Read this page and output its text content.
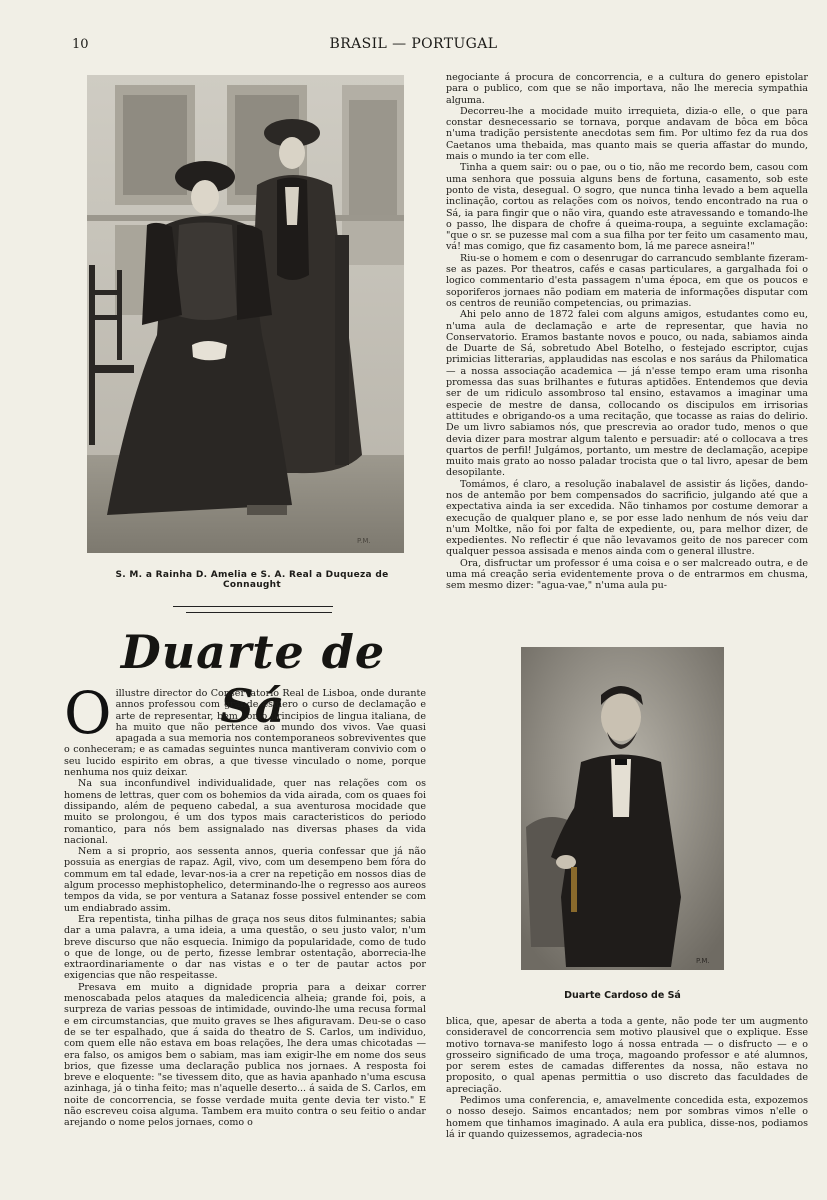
10	BRASIL — PORTUGAL
P.M.
S. M. a Rainha D. Amelia e S. A. Real a Duqueza de Connaught
Duarte de Sá

Oillustre director do Conservatorio Real de Lisboa, onde durante annos professou com grande esmero o curso de declamação e arte de representar, bem como principios de lingua italiana, de ha muito que não pertence ao mundo dos vivos. Vae quasi apagada a sua memoria nos contemporaneos sobreviventes que o conheceram; e as camadas seguintes nunca mantiveram convivio com o seu lucido espirito em obras, a que tivesse vinculado o nome, porque nenhuma nos quiz deixar.

Na sua inconfundivel individualidade, quer nas relações com os homens de lettras, quer com os bohemios da vida airada, com os quaes foi dissipando, além de pequeno cabedal, a sua aventurosa mocidade que muito se prolongou, é um dos typos mais caracteristicos do periodo romantico, para nós bem assignalado nas diversas phases da vida nacional.

Nem a si proprio, aos sessenta annos, queria confessar que já não possuia as energias de rapaz. Agil, vivo, com um desempeno bem fóra do commum em tal edade, levar-nos-ia a crer na repetição em nossos dias de algum processo mephistophelico, determinando-lhe o regresso aos aureos tempos da vida, se por ventura a Satanaz fosse possivel entender se com um endiabrado assim.

Era repentista, tinha pilhas de graça nos seus ditos fulminantes; sabia dar a uma palavra, a uma ideia, a uma questão, o seu justo valor, n'um breve discurso que não esquecia. Inimigo da popularidade, como de tudo o que de longe, ou de perto, fizesse lembrar ostentação, aborrecia-lhe extraordinariamente o dar nas vistas e o ter de pautar actos por exigencias que não respeitasse.

Presava em muito a dignidade propria para a deixar correr menoscabada pelos ataques da maledicencia alheia; grande foi, pois, a surpreza de varias pessoas de intimidade, ouvindo-lhe uma recusa formal e em circumstancias, que muito graves se lhes afiguravam. Deu-se o caso de se ter espalhado, que á saida do theatro de S. Carlos, um individuo, com quem elle não estava em boas relações, lhe dera umas chicotadas — era falso, os amigos bem o sabiam, mas iam exigir-lhe em nome dos seus brios, que fizesse uma declaração publica nos jornaes. A resposta foi breve e eloquente: "se tivessem dito, que as havia apanhado n'uma escusa azinhaga, já o tinha feito; mas n'aquelle deserto... á saida de S. Carlos, em noite de concorrencia, se fosse verdade muita gente devia ter visto." E não escreveu coisa alguma. Tambem era muito contra o seu feitio o andar arejando o nome pelos jornaes, como o

negociante á procura de concorrencia, e a cultura do genero epistolar para o publico, com que se não importava, não lhe merecia sympathia alguma.

Decorreu-lhe a mocidade muito irrequieta, dizia-o elle, o que para constar desnecessario se tornava, porque andavam de bôca em bôca n'uma tradição persistente anecdotas sem fim. Por ultimo fez da rua dos Caetanos uma thebaida, mas quanto mais se queria affastar do mundo, mais o mundo ia ter com elle.

Tinha a quem sair: ou o pae, ou o tio, não me recordo bem, casou com uma senhora que possuia alguns bens de fortuna, casamento, sob este ponto de vista, desegual. O sogro, que nunca tinha levado a bem aquella inclinação, cortou as relações com os noivos, tendo encontrado na rua o Sá, ia para fingir que o não vira, quando este atravessando e tomando-lhe o passo, lhe dispara de chofre á queima-roupa, a seguinte exclamação: "que o sr. se puzesse mal com a sua filha por ter feito um casamento mau, vá! mas comigo, que fiz casamento bom, lá me parece asneira!"

Riu-se o homem e com o desenrugar do carrancudo semblante fizeram-se as pazes. Por theatros, cafés e casas particulares, a gargalhada foi o logico commentario d'esta passagem n'uma época, em que os poucos e soporiferos jornaes não podiam em materia de informações disputar com os centros de reunião competencias, ou primazias.

Ahi pelo anno de 1872 falei com alguns amigos, estudantes como eu, n'uma aula de declamação e arte de representar, que havia no Conservatorio. Eramos bastante novos e pouco, ou nada, sabiamos ainda de Duarte de Sá, sobretudo Abel Botelho, o festejado escriptor, cujas primicias litterarias, applaudidas nas escolas e nos saráus da Philomatica — a nossa associação academica — já n'esse tempo eram uma risonha promessa das suas brilhantes e futuras aptidões. Entendemos que devia ser de um ridiculo assombroso tal ensino, estavamos a imaginar uma especie de mestre de dansa, collocando os discipulos em irrisorias attitudes e obrigando-os a uma recitação, que tocasse as raias do delirio. De um livro sabiamos nós, que prescrevia ao orador tudo, menos o que devia dizer para mostrar algum talento e persuadir: até o collocava a tres quartos de perfil! Julgámos, portanto, um mestre de declamação, acepipe muito mais grato ao nosso paladar trocista que o tal livro, apesar de bem desopilante.

Tomámos, é claro, a resolução inabalavel de assistir ás lições, dando-nos de antemão por bem compensados do sacrificio, julgando até que a expectativa ainda ia ser excedida. Não tinhamos por costume demorar a execução de qualquer plano e, se por esse lado nenhum de nós veiu dar n'um Moltke, não foi por falta de expediente, ou, para melhor dizer, de expedientes. No reflectir é que não levavamos geito de nos parecer com qualquer pessoa assisada e menos ainda com o general illustre.

Ora, disfructar um professor é uma coisa e o ser malcreado outra, e de uma má creação seria evidentemente prova o de entrarmos em chusma, sem mesmo dizer: "agua-vae," n'uma aula pu-

P.M.
Duarte Cardoso de Sá

blica, que, apesar de aberta a toda a gente, não pode ter um augmento consideravel de concorrencia sem motivo plausivel que o explique. Esse motivo tornava-se manifesto logo á nossa entrada — o disfructo — e o grosseiro significado de uma troça, magoando professor e até alumnos, por serem estes de camadas differentes da nossa, não estava no proposito, o qual apenas permittia o uso discreto das faculdades de apreciação.

Pedimos uma conferencia, e, amavelmente concedida esta, expozemos o nosso desejo. Saimos encantados; nem por sombras vimos n'elle o homem que tinhamos imaginado. A aula era publica, disse-nos, podiamos lá ir quando quizessemos, agradecia-nos
